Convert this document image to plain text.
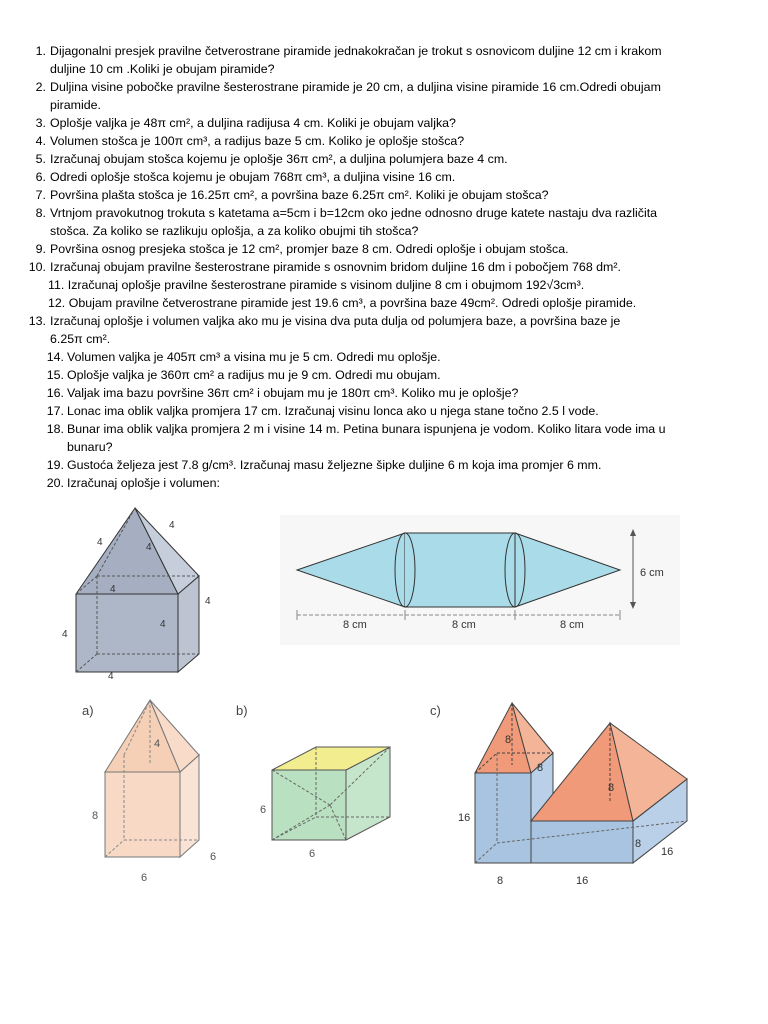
1. Dijagonalni presjek pravilne četverostrane piramide jednakokračan je trokut s osnovicom duljine 12 cm i krakom
duljine 10 cm .Koliki je obujam piramide?
2. Duljina visine pobočke pravilne šesterostrane piramide je 20 cm, a duljina visine piramide 16 cm.Odredi obujam
piramide.
3. Oplošje valjka je 48π cm², a duljina radijusa 4 cm. Koliki je obujam valjka?
4. Volumen stošca je 100π cm³, a radijus baze 5 cm. Koliko je oplošje stošca?
5. Izračunaj obujam stošca kojemu je oplošje 36π cm², a duljina polumjera baze 4 cm.
6. Odredi oplošje stošca kojemu je obujam 768π cm³, a duljina visine 16 cm.
7. Površina plašta stošca je 16.25π cm², a površina baze 6.25π cm². Koliki je obujam stošca?
8. Vrtnjom pravokutnog trokuta s katetama a=5cm i b=12cm oko jedne odnosno druge katete nastaju dva različita
stošca. Za koliko se razlikuju oplošja, a za koliko obujmi tih stošca?
9. Površina osnog presjeka stošca je 12 cm², promjer baze 8 cm. Odredi oplošje i obujam stošca.
10. Izračunaj obujam pravilne šesterostrane piramide s osnovnim bridom duljine 16 dm i pobočjem 768 dm².
11. Izračunaj oplošje pravilne šesterostrane piramide s visinom duljine 8 cm i obujmom 192√3cm³.
12. Obujam pravilne četverostrane piramide jest 19.6 cm³, a površina baze 49cm². Odredi oplošje piramide.
13. Izračunaj oplošje i volumen valjka ako mu je visina dva puta dulja od polumjera baze, a površina baze je
6.25π cm².
14. Volumen valjka je 405π cm³ a visina mu je 5 cm. Odredi mu oplošje.
15. Oplošje valjka je 360π cm² a radijus mu je 9 cm. Odredi mu obujam.
16. Valjak ima bazu površine 36π cm² i obujam mu je 180π cm³. Koliko mu je oplošje?
17. Lonac ima oblik valjka promjera 17 cm. Izračunaj visinu lonca ako u njega stane točno 2.5 l vode.
18. Bunar ima oblik valjka promjera 2 m i visine 14 m. Petina bunara ispunjena je vodom. Koliko litara vode ima u
bunaru?
19. Gustoća željeza jest 7.8 g/cm³. Izračunaj masu željezne šipke duljine 6 m koja ima promjer 6 mm.
20. Izračunaj oplošje i volumen:
4
4
4
4
4
4
4
4
6 cm
8 cm	8 cm	8 cm
a)
4
8
6
6
b)
6
6
c)
8
8
8
16
8
16
8	16
